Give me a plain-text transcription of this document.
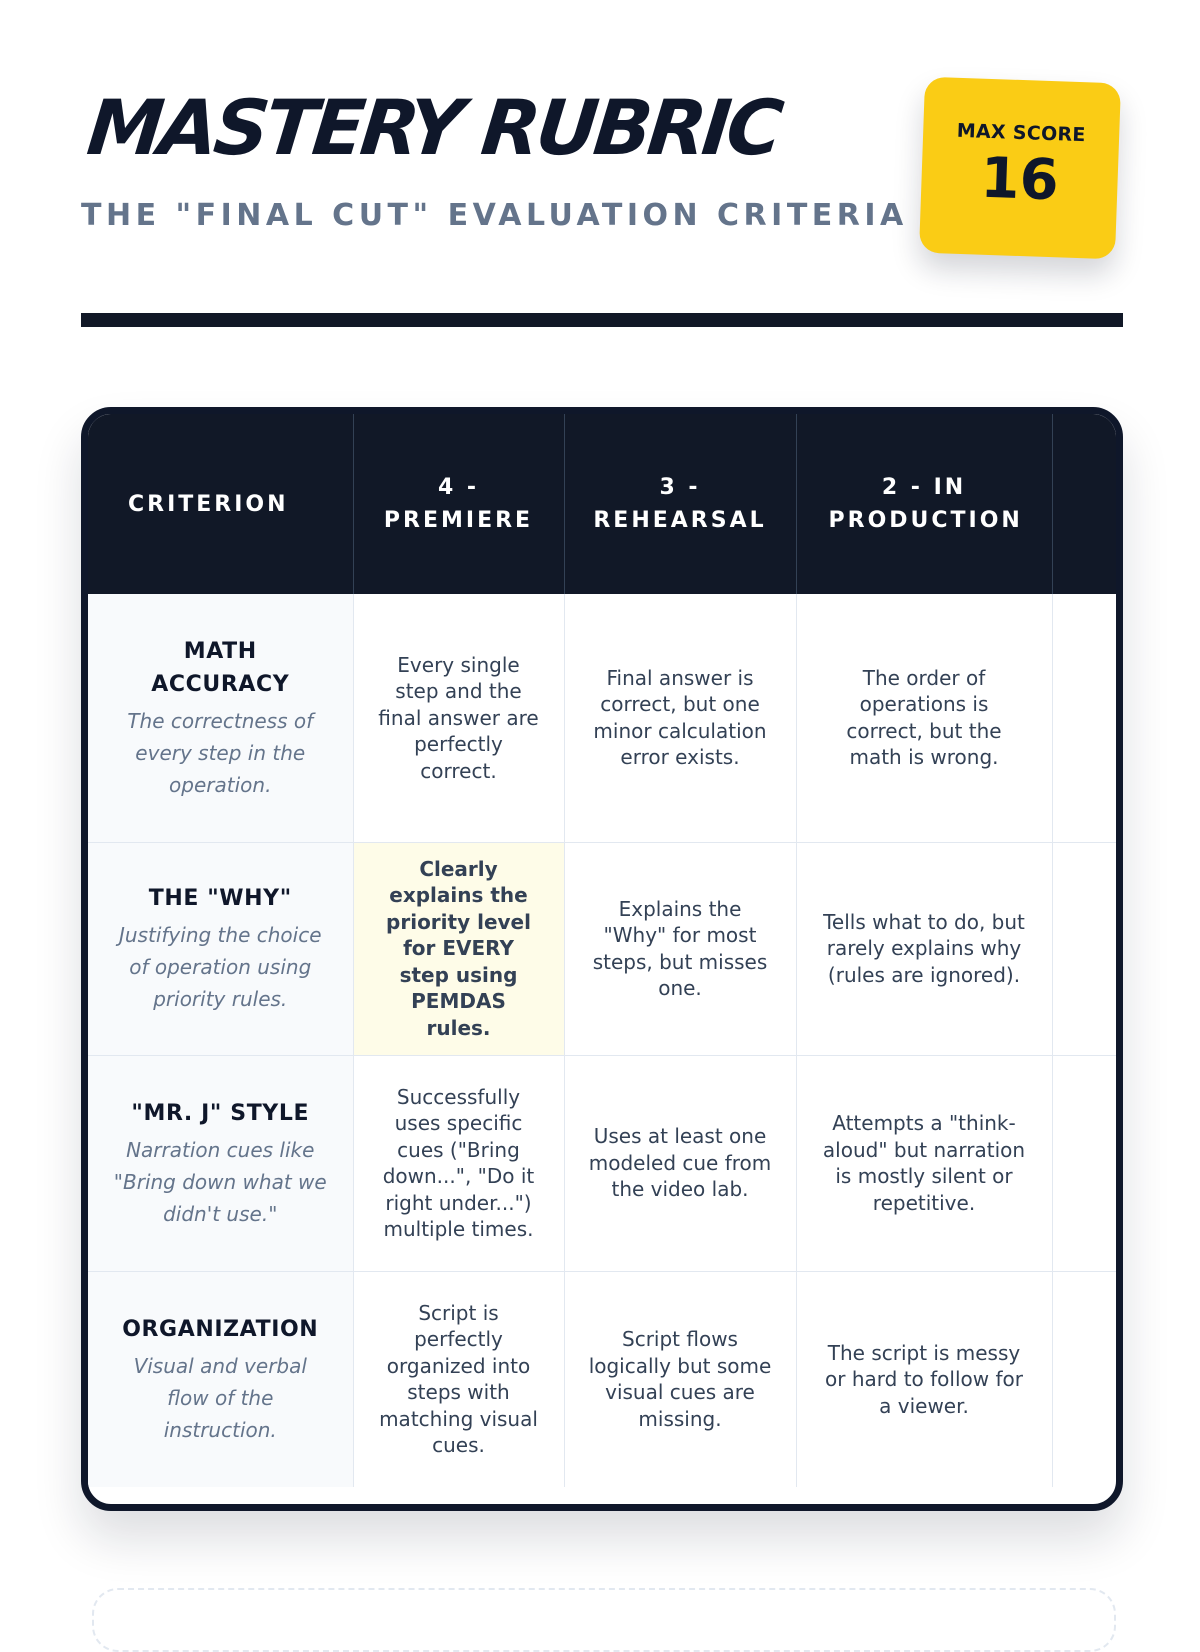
MASTERY RUBRIC
THE "FINAL CUT" EVALUATION CRITERIA
MAX SCORE
16
CRITERION	4 - PREMIERE	3 - REHEARSAL	2 - IN PRODUCTION	

MATH ACCURACY
The correctness of every step in the operation.	Every single step and the final answer are perfectly correct.	Final answer is correct, but one minor calculation error exists.	The order of operations is correct, but the math is wrong.	

THE "WHY"
Justifying the choice of operation using priority rules.	Clearly explains the priority level for EVERY step using PEMDAS rules.	Explains the "Why" for most steps, but misses one.	Tells what to do, but rarely explains why (rules are ignored).	

"MR. J" STYLE
Narration cues like "Bring down what we didn't use."	Successfully uses specific cues ("Bring down...", "Do it right under...") multiple times.	Uses at least one modeled cue from the video lab.	Attempts a "think-aloud" but narration is mostly silent or repetitive.	

ORGANIZATION
Visual and verbal flow of the instruction.	Script is perfectly organized into steps with matching visual cues.	Script flows logically but some visual cues are missing.	The script is messy or hard to follow for a viewer.	
